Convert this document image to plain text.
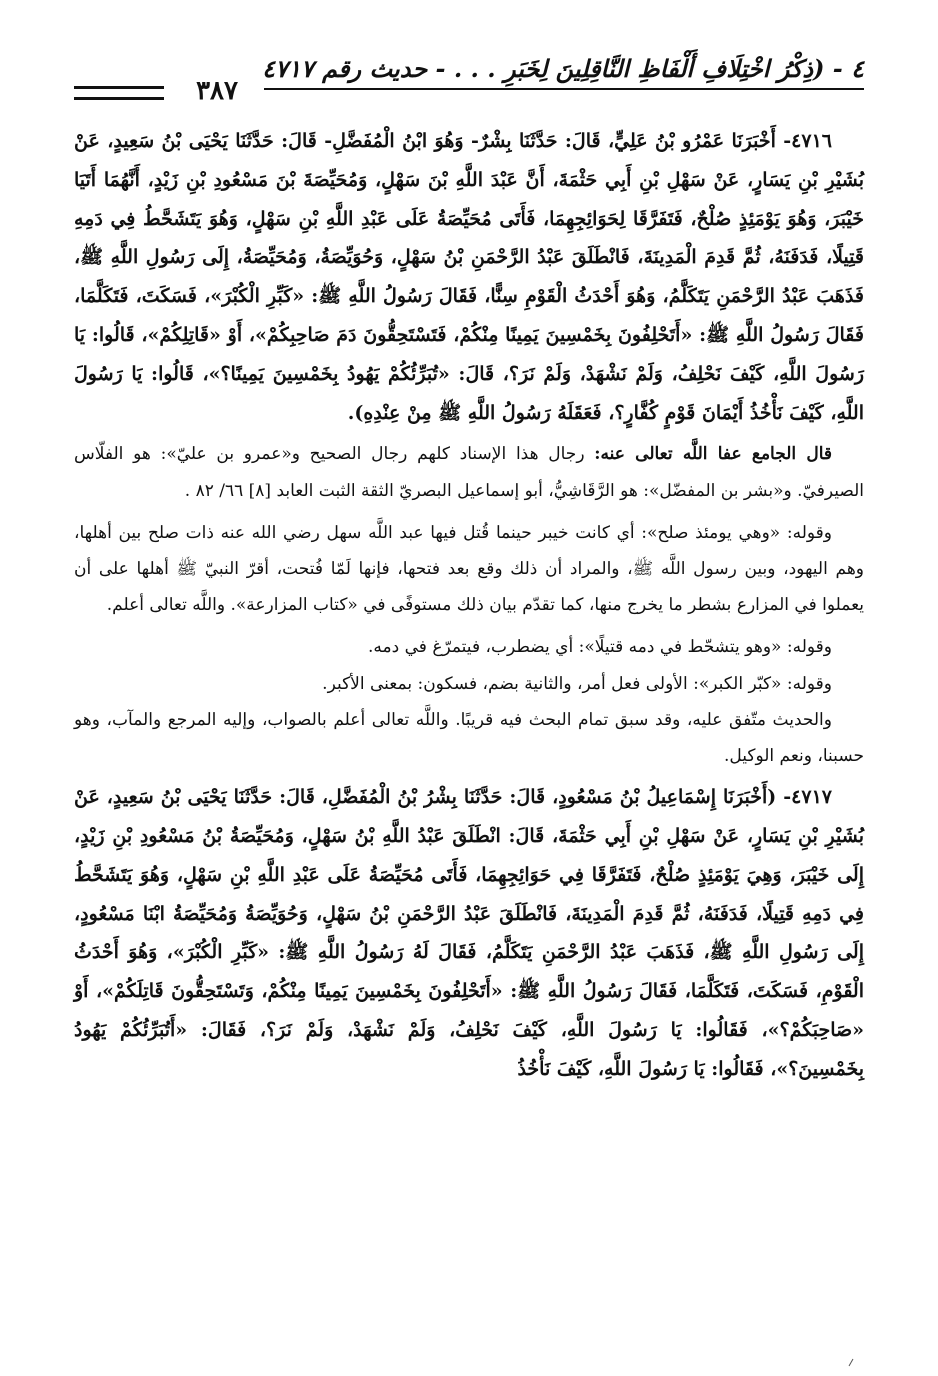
٤ - (ذِكْرُ اخْتِلَافِ أَلْفَاظِ النَّاقِلِينَ لِخَبَرِ . . . - حديث رقم ٤٧١٧
٣٨٧

٤٧١٦- أَخْبَرَنَا عَمْرُو بْنُ عَلِيٍّ، قَالَ: حَدَّثَنَا بِشْرٌ- وَهُوَ ابْنُ الْمُفَضَّلِ- قَالَ: حَدَّثَنَا يَحْيَى بْنُ سَعِيدٍ، عَنْ بُشَيْرِ بْنِ يَسَارٍ، عَنْ سَهْلِ بْنِ أَبِي حَثْمَةَ، أَنَّ عَبْدَ اللَّهِ بْنَ سَهْلٍ، وَمُحَيِّصَةَ بْنَ مَسْعُودِ بْنِ زَيْدٍ، أَنَّهُمَا أَتَيَا خَيْبَرَ، وَهُوَ يَوْمَئِذٍ صُلْحٌ، فَتَفَرَّقَا لِحَوَائِجِهِمَا، فَأَتَى مُحَيِّصَةُ عَلَى عَبْدِ اللَّهِ بْنِ سَهْلٍ، وَهُوَ يَتَشَحَّطُ فِي دَمِهِ قَتِيلًا، فَدَفَنَهُ، ثُمَّ قَدِمَ الْمَدِينَةَ، فَانْطَلَقَ عَبْدُ الرَّحْمَنِ بْنُ سَهْلٍ، وَحُوَيِّصَةُ، وَمُحَيِّصَةُ، إِلَى رَسُولِ اللَّهِ ﷺ، فَذَهَبَ عَبْدُ الرَّحْمَنِ يَتَكَلَّمُ، وَهُوَ أَحْدَثُ الْقَوْمِ سِنًّا، فَقَالَ رَسُولُ اللَّهِ ﷺ: «كَبِّرِ الْكُبْرَ»، فَسَكَتَ، فَتَكَلَّمَا، فَقَالَ رَسُولُ اللَّهِ ﷺ: «أَتَحْلِفُونَ بِخَمْسِينَ يَمِينًا مِنْكُمْ، فَتَسْتَحِقُّونَ دَمَ صَاحِبِكُمْ»، أَوْ «قَاتِلِكُمْ»، قَالُوا: يَا رَسُولَ اللَّهِ، كَيْفَ نَحْلِفُ، وَلَمْ نَشْهَدْ، وَلَمْ نَرَ؟، قَالَ: «تُبَرِّئُكُمْ يَهُودُ بِخَمْسِينَ يَمِينًا؟»، قَالُوا: يَا رَسُولَ اللَّهِ، كَيْفَ نَأْخُذُ أَيْمَانَ قَوْمٍ كُفَّارٍ؟، فَعَقَلَهُ رَسُولُ اللَّهِ ﷺ مِنْ عِنْدِهِ).

قال الجامع عفا اللَّه تعالى عنه: رجال هذا الإسناد كلهم رجال الصحيح و«عمرو بن عليّ»: هو الفلّاس الصيرفيّ. و«بشر بن المفضّل»: هو الرَّقَاشِيُّ، أبو إسماعيل البصريّ الثقة الثبت العابد [٨] ٦٦/ ٨٢ .

وقوله: «وهي يومئذ صلح»: أي كانت خيبر حينما قُتل فيها عبد اللَّه سهل رضي الله عنه ذات صلح بين أهلها، وهم اليهود، وبين رسول اللَّه ﷺ، والمراد أن ذلك وقع بعد فتحها، فإنها لَمّا فُتحت، أقرّ النبيّ ﷺ أهلها على أن يعملوا في المزارع بشطر ما يخرج منها، كما تقدّم بيان ذلك مستوفًى في «كتاب المزارعة». واللَّه تعالى أعلم.

وقوله: «وهو يتشحّط في دمه قتيلًا»: أي يضطرب، فيتمرّغ في دمه.

وقوله: «كبّر الكبر»: الأولى فعل أمر، والثانية بضم، فسكون: بمعنى الأكبر.

والحديث متّفق عليه، وقد سبق تمام البحث فيه قريبًا. واللَّه تعالى أعلم بالصواب، وإليه المرجع والمآب، وهو حسبنا، ونعم الوكيل.

٤٧١٧- (أَخْبَرَنَا إِسْمَاعِيلُ بْنُ مَسْعُودٍ، قَالَ: حَدَّثَنَا بِشْرُ بْنُ الْمُفَضَّلِ، قَالَ: حَدَّثَنَا يَحْيَى بْنُ سَعِيدٍ، عَنْ بُشَيْرِ بْنِ يَسَارٍ، عَنْ سَهْلِ بْنِ أَبِي حَثْمَةَ، قَالَ: انْطَلَقَ عَبْدُ اللَّهِ بْنُ سَهْلٍ، وَمُحَيِّصَةُ بْنُ مَسْعُودِ بْنِ زَيْدٍ، إِلَى خَيْبَرَ، وَهِيَ يَوْمَئِذٍ صُلْحٌ، فَتَفَرَّقَا فِي حَوَائِجِهِمَا، فَأَتَى مُحَيِّصَةُ عَلَى عَبْدِ اللَّهِ بْنِ سَهْلٍ، وَهُوَ يَتَشَحَّطُ فِي دَمِهِ قَتِيلًا، فَدَفَنَهُ، ثُمَّ قَدِمَ الْمَدِينَةَ، فَانْطَلَقَ عَبْدُ الرَّحْمَنِ بْنُ سَهْلٍ، وَحُوَيِّصَةُ وَمُحَيِّصَةُ ابْنَا مَسْعُودٍ، إِلَى رَسُولِ اللَّهِ ﷺ، فَذَهَبَ عَبْدُ الرَّحْمَنِ يَتَكَلَّمُ، فَقَالَ لَهُ رَسُولُ اللَّهِ ﷺ: «كَبِّرِ الْكُبْرَ»، وَهُوَ أَحْدَثُ الْقَوْمِ، فَسَكَتَ، فَتَكَلَّمَا، فَقَالَ رَسُولُ اللَّهِ ﷺ: «أَتَحْلِفُونَ بِخَمْسِينَ يَمِينًا مِنْكُمْ، وَتَسْتَحِقُّونَ قَاتِلَكُمْ»، أَوْ «صَاحِبَكُمْ؟»، فَقَالُوا: يَا رَسُولَ اللَّهِ، كَيْفَ نَحْلِفُ، وَلَمْ نَشْهَدْ، وَلَمْ نَرَ؟، فَقَالَ: «أَتُبَرِّئُكُمْ يَهُودُ بِخَمْسِينَ؟»، فَقَالُوا: يَا رَسُولَ اللَّهِ، كَيْفَ نَأْخُذُ
